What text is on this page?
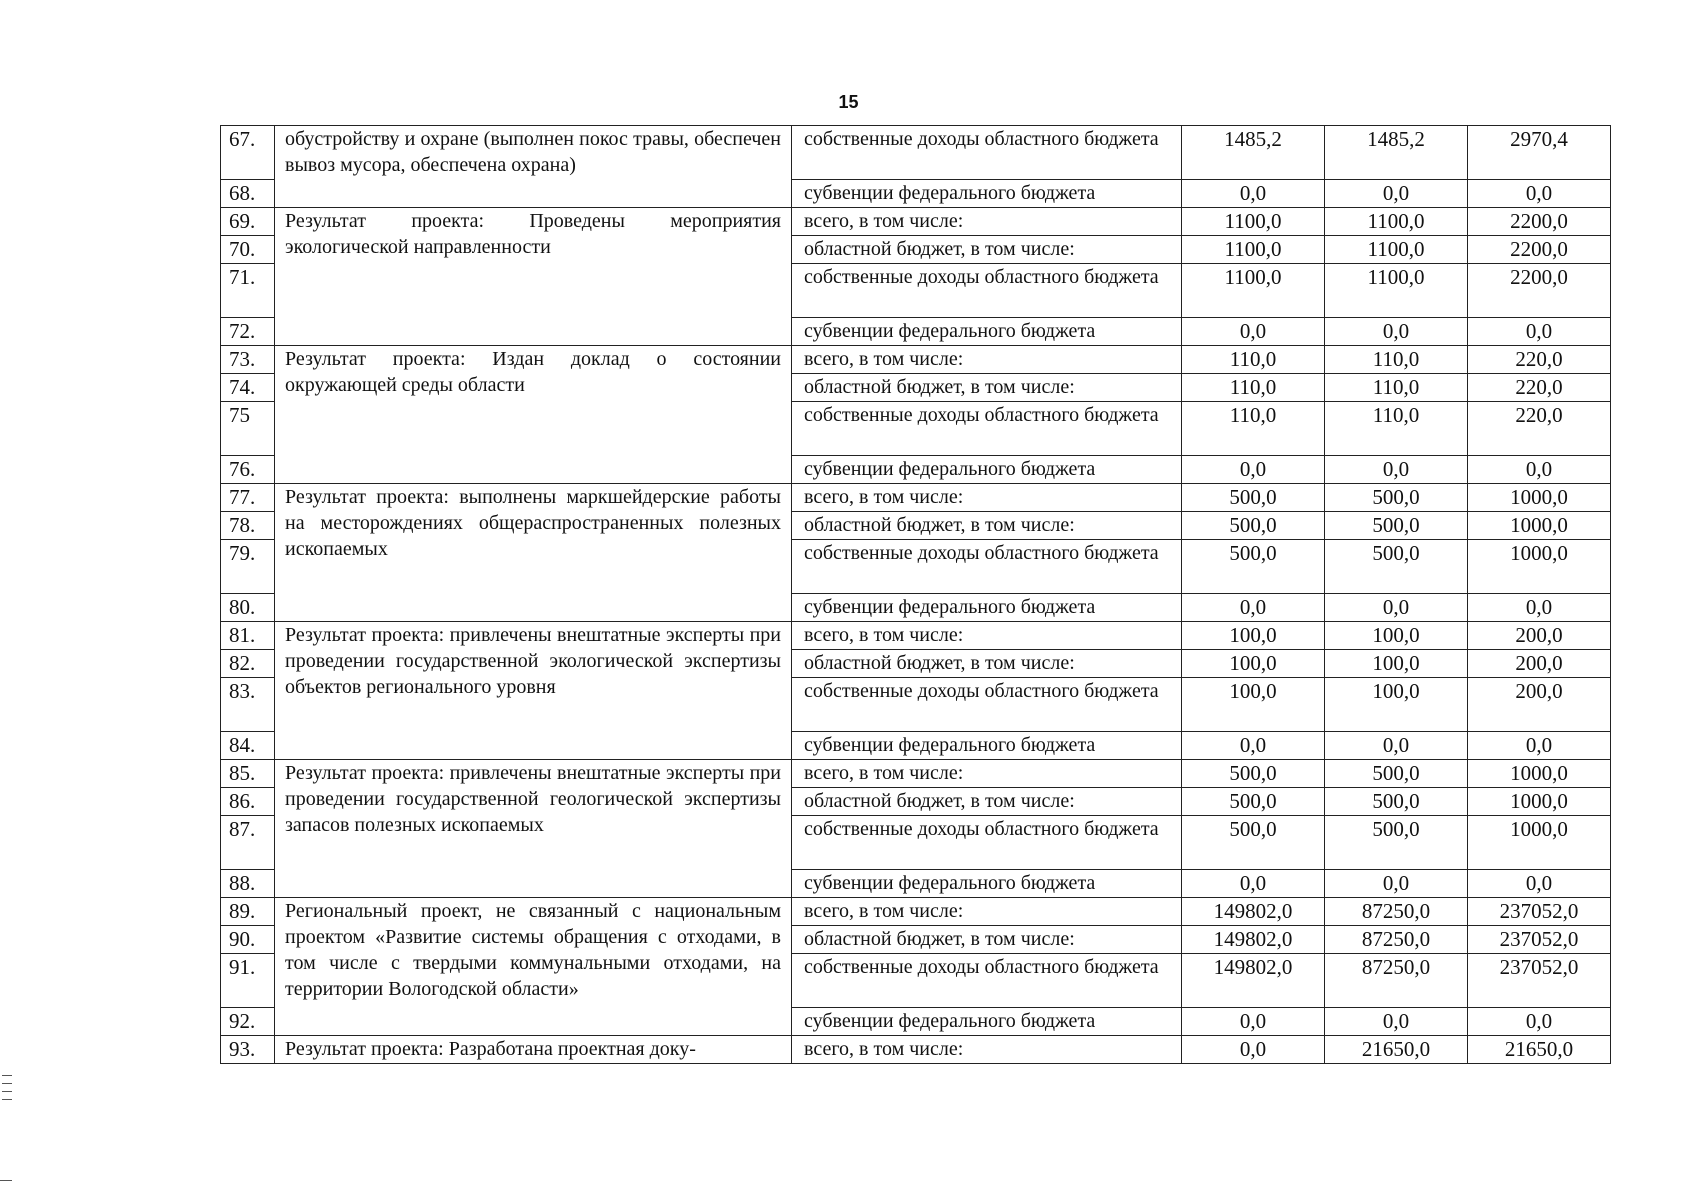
15
67.	обустройству и охране (выполнен покос травы, обеспечен вывоз мусора, обеспечена охрана)	собственные доходы областного бюджета	1485,2	1485,2	2970,4
68.		субвенции федерального бюджета	0,0	0,0	0,0
69.	Результат проекта: Проведены мероприятия экологической направленности	всего, в том числе:	1100,0	1100,0	2200,0
70.		областной бюджет, в том числе:	1100,0	1100,0	2200,0
71.		собственные доходы областного бюджета	1100,0	1100,0	2200,0
72.		субвенции федерального бюджета	0,0	0,0	0,0
73.	Результат проекта: Издан доклад о состоянии окружающей среды области	всего, в том числе:	110,0	110,0	220,0
74.		областной бюджет, в том числе:	110,0	110,0	220,0
75		собственные доходы областного бюджета	110,0	110,0	220,0
76.		субвенции федерального бюджета	0,0	0,0	0,0
77.	Результат проекта: выполнены маркшейдерские работы на месторождениях общераспространенных полезных ископаемых	всего, в том числе:	500,0	500,0	1000,0
78.		областной бюджет, в том числе:	500,0	500,0	1000,0
79.		собственные доходы областного бюджета	500,0	500,0	1000,0
80.		субвенции федерального бюджета	0,0	0,0	0,0
81.	Результат проекта: привлечены внештатные эксперты при проведении государственной экологической экспертизы объектов регионального уровня	всего, в том числе:	100,0	100,0	200,0
82.		областной бюджет, в том числе:	100,0	100,0	200,0
83.		собственные доходы областного бюджета	100,0	100,0	200,0
84.		субвенции федерального бюджета	0,0	0,0	0,0
85.	Результат проекта: привлечены внештатные эксперты при проведении государственной геологической экспертизы запасов полезных ископаемых	всего, в том числе:	500,0	500,0	1000,0
86.		областной бюджет, в том числе:	500,0	500,0	1000,0
87.		собственные доходы областного бюджета	500,0	500,0	1000,0
88.		субвенции федерального бюджета	0,0	0,0	0,0
89.	Региональный проект, не связанный с национальным проектом «Развитие системы обращения с отходами, в том числе с твердыми коммунальными отходами, на территории Вологодской области»	всего, в том числе:	149802,0	87250,0	237052,0
90.		областной бюджет, в том числе:	149802,0	87250,0	237052,0
91.		собственные доходы областного бюджета	149802,0	87250,0	237052,0
92.		субвенции федерального бюджета	0,0	0,0	0,0
93.	Результат проекта: Разработана проектная доку-	всего, в том числе:	0,0	21650,0	21650,0
